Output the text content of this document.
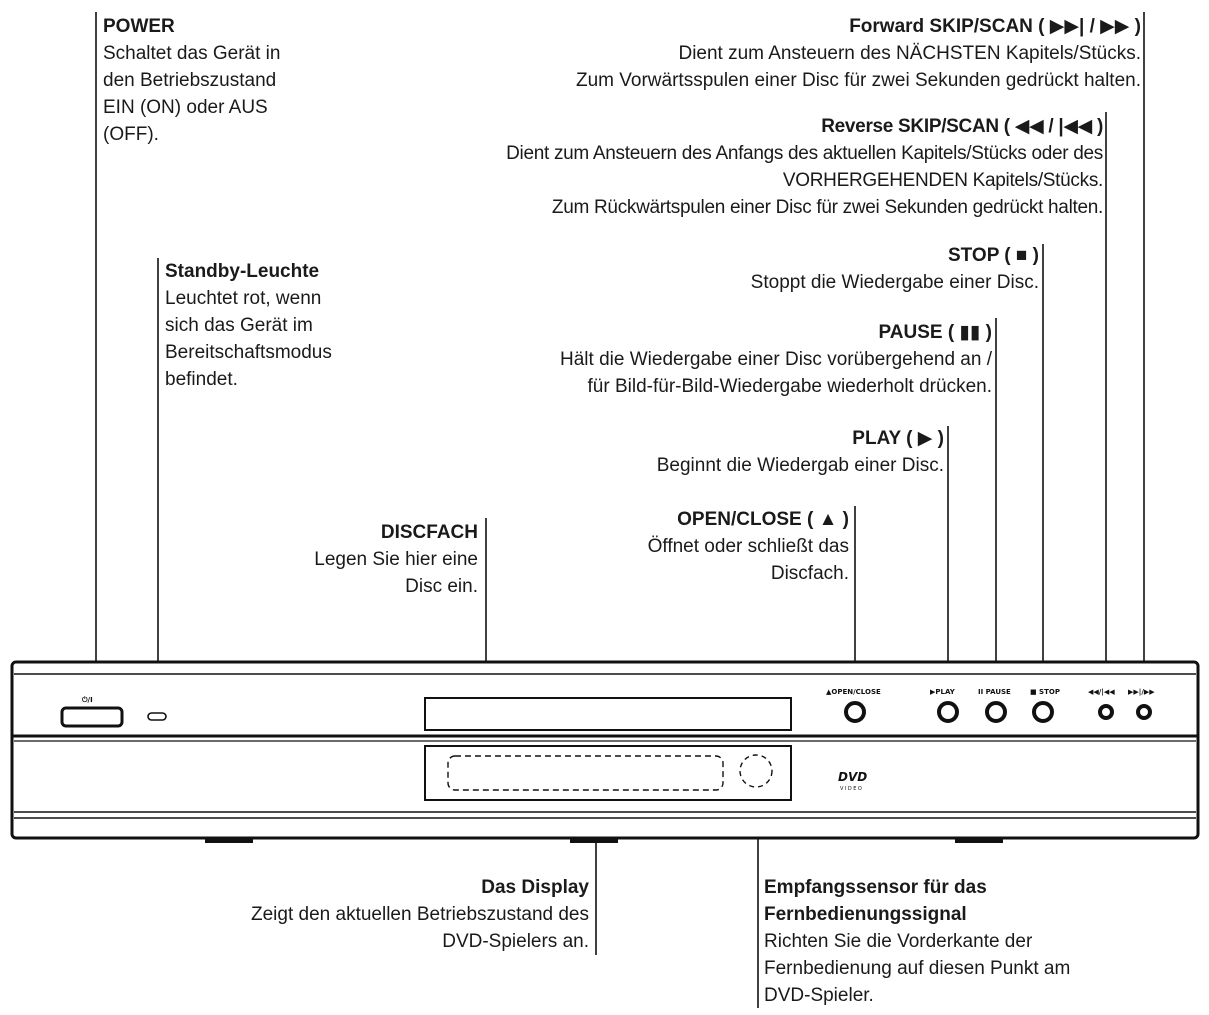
⏻/I
▲OPEN/CLOSE	▶PLAY	II PAUSE	■ STOP	◀◀/|◀◀ ▶▶|/▶▶
DVD
VIDEO
POWER
Schaltet das Gerät in
den Betriebszustand
EIN (ON) oder AUS
(OFF).
Standby-Leuchte
Leuchtet rot, wenn
sich das Gerät im
Bereitschaftsmodus
befindet.
Forward SKIP/SCAN ( ▶▶| / ▶▶ )
Dient zum Ansteuern des NÄCHSTEN Kapitels/Stücks.
Zum Vorwärtsspulen einer Disc für zwei Sekunden gedrückt halten.
Reverse SKIP/SCAN ( ◀◀ / |◀◀ )
Dient zum Ansteuern des Anfangs des aktuellen Kapitels/Stücks oder des
VORHERGEHENDEN Kapitels/Stücks.
Zum Rückwärtspulen einer Disc für zwei Sekunden gedrückt halten.
STOP ( ■ )
Stoppt die Wiedergabe einer Disc.
PAUSE ( ▮▮ )
Hält die Wiedergabe einer Disc vorübergehend an /
für Bild-für-Bild-Wiedergabe wiederholt drücken.
PLAY ( ▶ )
Beginnt die Wiedergab einer Disc.
OPEN/CLOSE ( ▲ )
Öffnet oder schließt das
Discfach.
DISCFACH
Legen Sie hier eine
Disc ein.
Das Display
Zeigt den aktuellen Betriebszustand des
DVD-Spielers an.
Empfangssensor für das
Fernbedienungssignal
Richten Sie die Vorderkante der
Fernbedienung auf diesen Punkt am
DVD-Spieler.
